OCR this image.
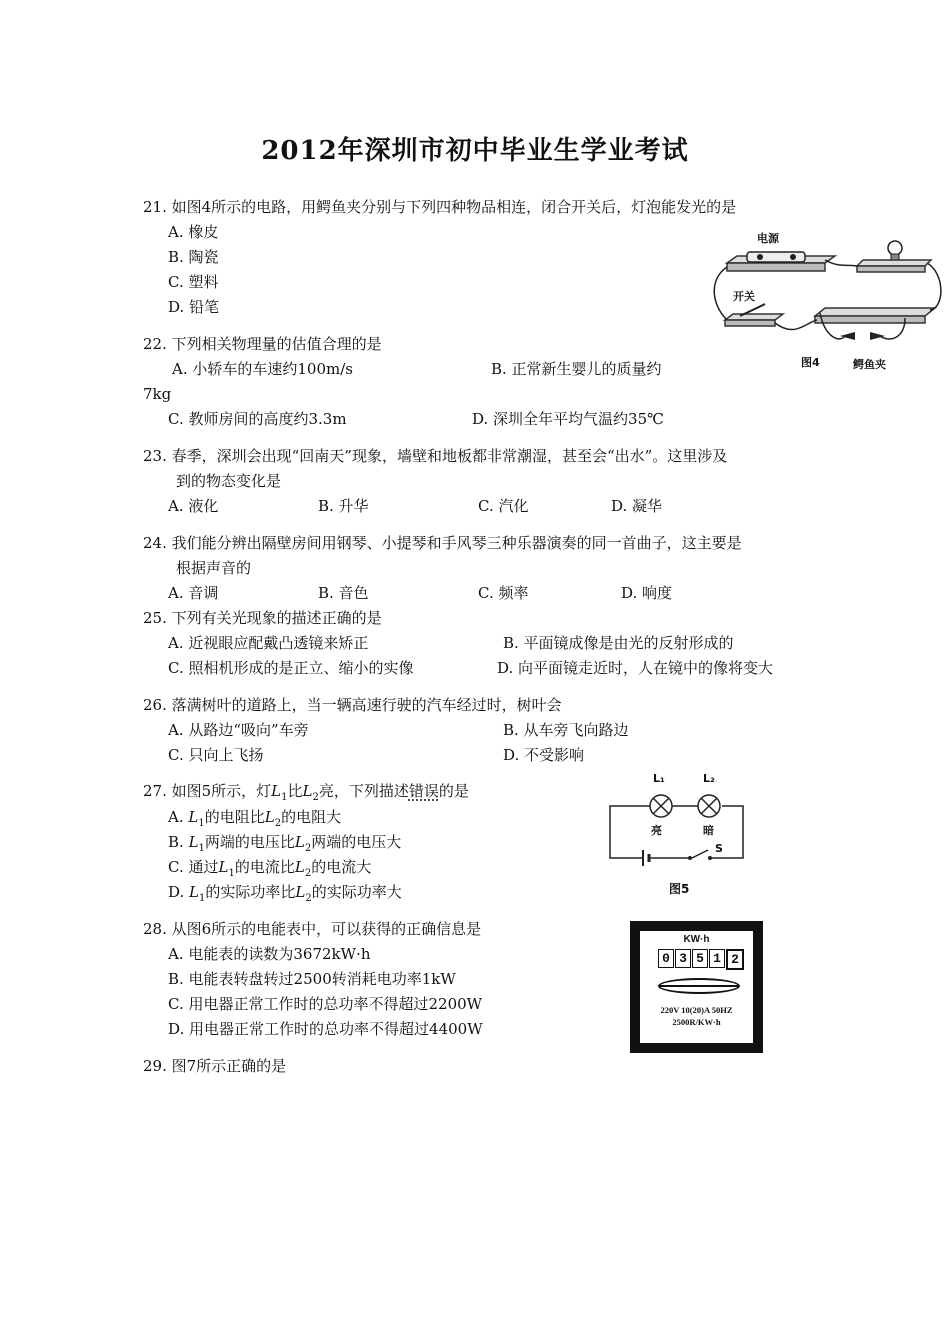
2012年深圳市初中毕业生学业考试
21. 如图4所示的电路，用鳄鱼夹分别与下列四种物品相连，闭合开关后，灯泡能发光的是
A. 橡皮
B. 陶瓷
C. 塑料
D. 铅笔
电源
开关
图4	鳄鱼夹
22. 下列相关物理量的估值合理的是
A. 小轿车的车速约100m/s	B. 正常新生婴儿的质量约
7kg
C. 教师房间的高度约3.3m	D. 深圳全年平均气温约35℃
23. 春季，深圳会出现“回南天”现象，墙壁和地板都非常潮湿，甚至会“出水”。这里涉及
到的物态变化是
A. 液化	B. 升华	C. 汽化	D. 凝华
24. 我们能分辨出隔壁房间用钢琴、小提琴和手风琴三种乐器演奏的同一首曲子，这主要是
根据声音的
A. 音调	B. 音色	C. 频率	D. 响度
25. 下列有关光现象的描述正确的是
A. 近视眼应配戴凸透镜来矫正	B. 平面镜成像是由光的反射形成的
C. 照相机形成的是正立、缩小的实像	D. 向平面镜走近时，人在镜中的像将变大
26. 落满树叶的道路上，当一辆高速行驶的汽车经过时，树叶会
A. 从路边“吸向”车旁	B. 从车旁飞向路边
C. 只向上飞扬	D. 不受影响
27. 如图5所示，灯$L_1$比$L_2$亮，下列描述错误的是
A. $L_1$的电阻比$L_2$的电阻大
B. $L_1$两端的电压比$L_2$两端的电压大
C. 通过$L_1$的电流比$L_2$的电流大
D. $L_1$的实际功率比$L_2$的实际功率大
L₁	L₂
亮	暗
S
图5
28. 从图6所示的电能表中，可以获得的正确信息是
A. 电能表的读数为3672kW·h
B. 电能表转盘转过2500转消耗电功率1kW
C. 用电器正常工作时的总功率不得超过2200W
D. 用电器正常工作时的总功率不得超过4400W
KW·h
0 3 5 1 2
220V 10(20)A 50HZ
2500R/KW·h
29. 图7所示正确的是
